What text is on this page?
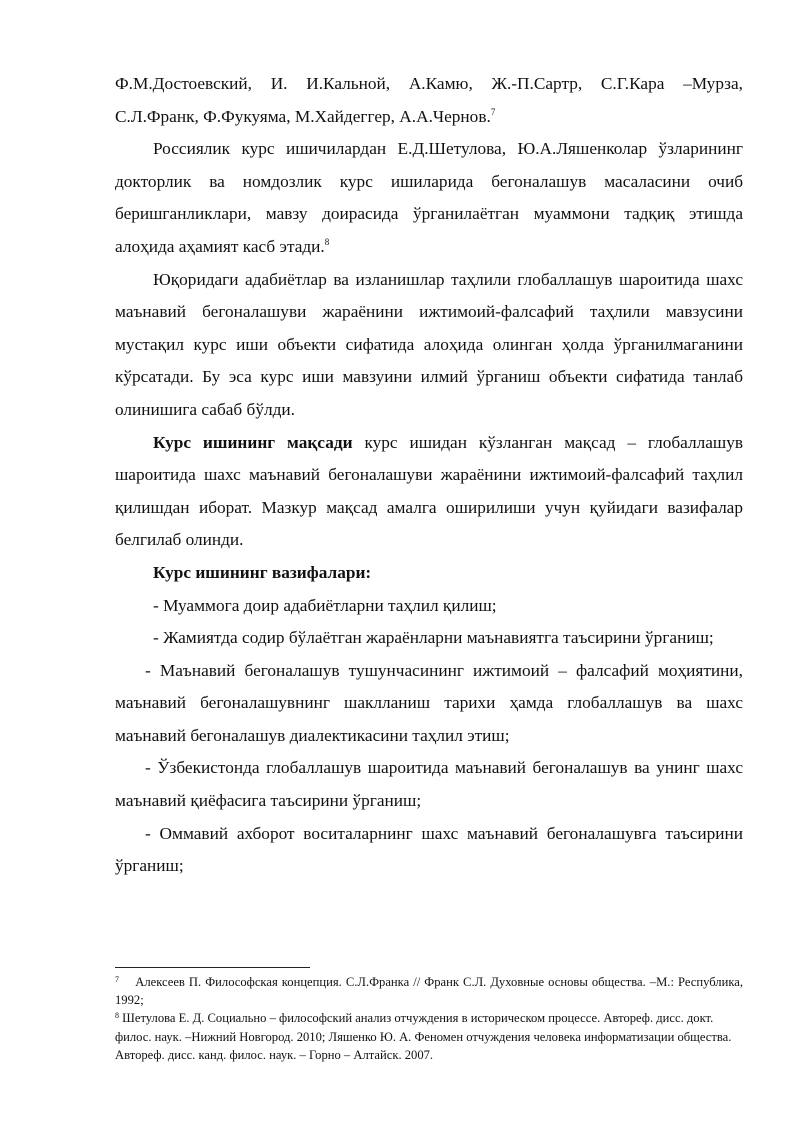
Ф.М.Достоевский, И. И.Кальной, А.Камю, Ж.-П.Сартр, С.Г.Кара –Мурза, С.Л.Франк, Ф.Фукуяма, М.Хайдеггер, А.А.Чернов.$^7$

Россиялик курс ишичилардан Е.Д.Шетулова, Ю.А.Ляшенколар ўзларининг докторлик ва номдозлик курс ишиларида бегоналашув масаласини очиб беришганликлари, мавзу доирасида ўрганилаётган муаммони тадқиқ этишда алоҳида аҳамият касб этади.$^8$

Юқоридаги адабиётлар ва изланишлар таҳлили глобаллашув шароитида шахс маънавий бегоналашуви жараёнини ижтимоий-фалсафий таҳлили мавзусини мустақил курс иши объекти сифатида алоҳида олинган ҳолда ўрганилмаганини кўрсатади. Бу эса курс иши мавзуини илмий ўрганиш объекти сифатида танлаб олинишига сабаб бўлди.

Курс ишининг мақсади курс ишидан кўзланган мақсад – глобаллашув шароитида шахс маънавий бегоналашуви жараёнини ижтимоий-фалсафий таҳлил қилишдан иборат. Мазкур мақсад амалга оширилиши учун қуйидаги вазифалар белгилаб олинди.

Курс ишининг вазифалари:

- Муаммога доир адабиётларни таҳлил қилиш;

- Жамиятда содир бўлаётган жараёнларни маънавиятга таъсирини ўрганиш;

- Маънавий бегоналашув тушунчасининг ижтимоий – фалсафий моҳиятини, маънавий бегоналашувнинг шаклланиш тарихи ҳамда глобаллашув ва шахс маънавий бегоналашув диалектикасини таҳлил этиш;

- Ўзбекистонда глобаллашув шароитида маънавий бегоналашув ва унинг шахс маънавий қиёфасига таъсирини ўрганиш;

- Оммавий ахборот воситаларнинг шахс маънавий бегоналашувга таъсирини ўрганиш;

$^7$ Алексеев П. Философская концепция. С.Л.Франка // Франк С.Л. Духовные основы общества. –М.: Республика, 1992;

$^8$ Шетулова Е. Д. Социально – философский анализ отчуждения в историческом процессе. Автореф. дисс. докт. филос. наук. –Нижний Новгород. 2010; Ляшенко Ю. А. Феномен отчуждения человека информатизации общества. Автореф. дисс. канд. филос. наук. – Горно – Алтайск. 2007.
